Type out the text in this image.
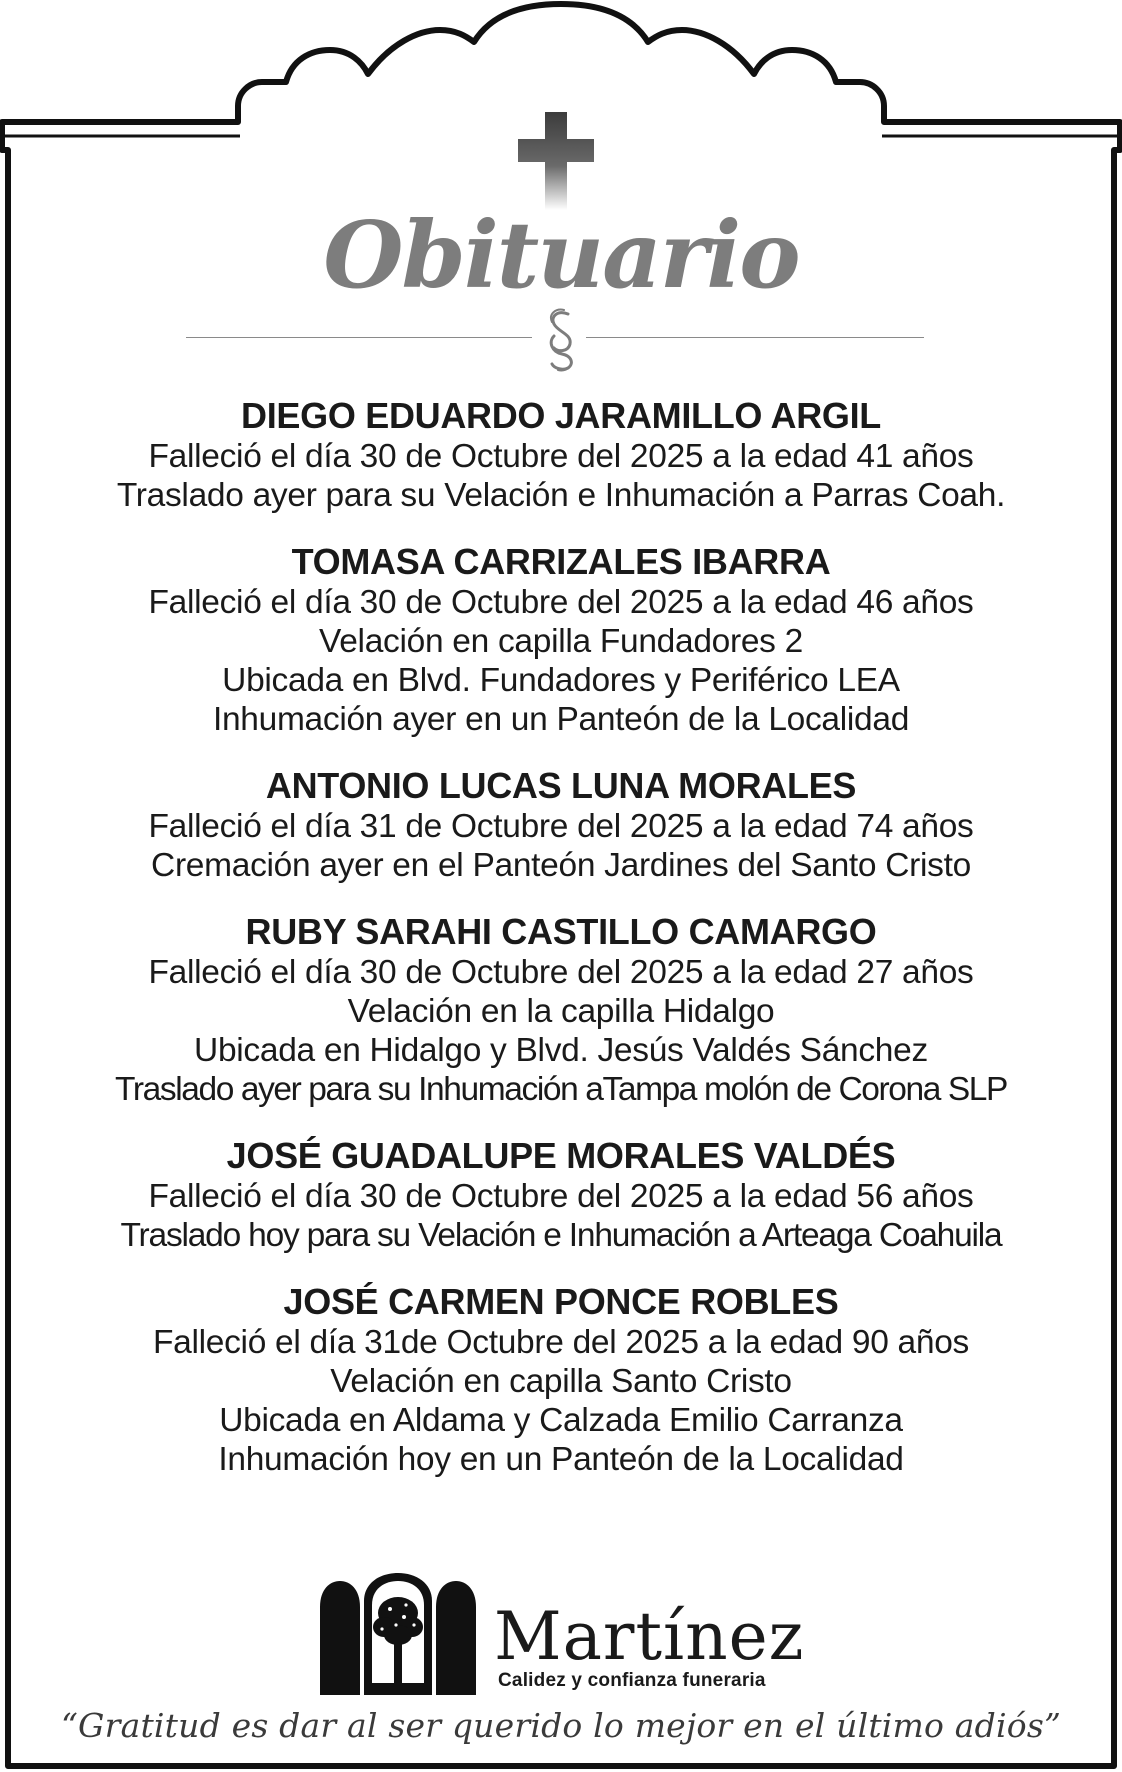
Obituario
DIEGO EDUARDO JARAMILLO ARGIL
Falleció el día 30 de Octubre del 2025 a la edad 41 años
Traslado ayer para su Velación e Inhumación a Parras Coah.
TOMASA CARRIZALES IBARRA
Falleció el día 30 de Octubre del 2025 a la edad 46 años
Velación en capilla Fundadores 2
Ubicada en Blvd. Fundadores y Periférico LEA
Inhumación ayer en un Panteón de la Localidad
ANTONIO LUCAS LUNA MORALES
Falleció el día 31 de Octubre del 2025 a la edad 74 años
Cremación ayer en el Panteón Jardines del Santo Cristo
RUBY SARAHI CASTILLO CAMARGO
Falleció el día 30 de Octubre del 2025 a la edad 27 años
Velación en la capilla Hidalgo
Ubicada en Hidalgo y Blvd. Jesús Valdés Sánchez
Traslado ayer para su Inhumación aTampa molón de Corona SLP
JOSÉ GUADALUPE MORALES VALDÉS
Falleció el día 30 de Octubre del 2025 a la edad 56 años
Traslado hoy para su Velación e Inhumación a Arteaga Coahuila
JOSÉ CARMEN PONCE ROBLES
Falleció el día 31de Octubre del 2025 a la edad 90 años
Velación en capilla Santo Cristo
Ubicada en Aldama y Calzada Emilio Carranza
Inhumación hoy en un Panteón de la Localidad
Martínez
Calidez y confianza funeraria
“Gratitud es dar al ser querido lo mejor en el último adiós”
